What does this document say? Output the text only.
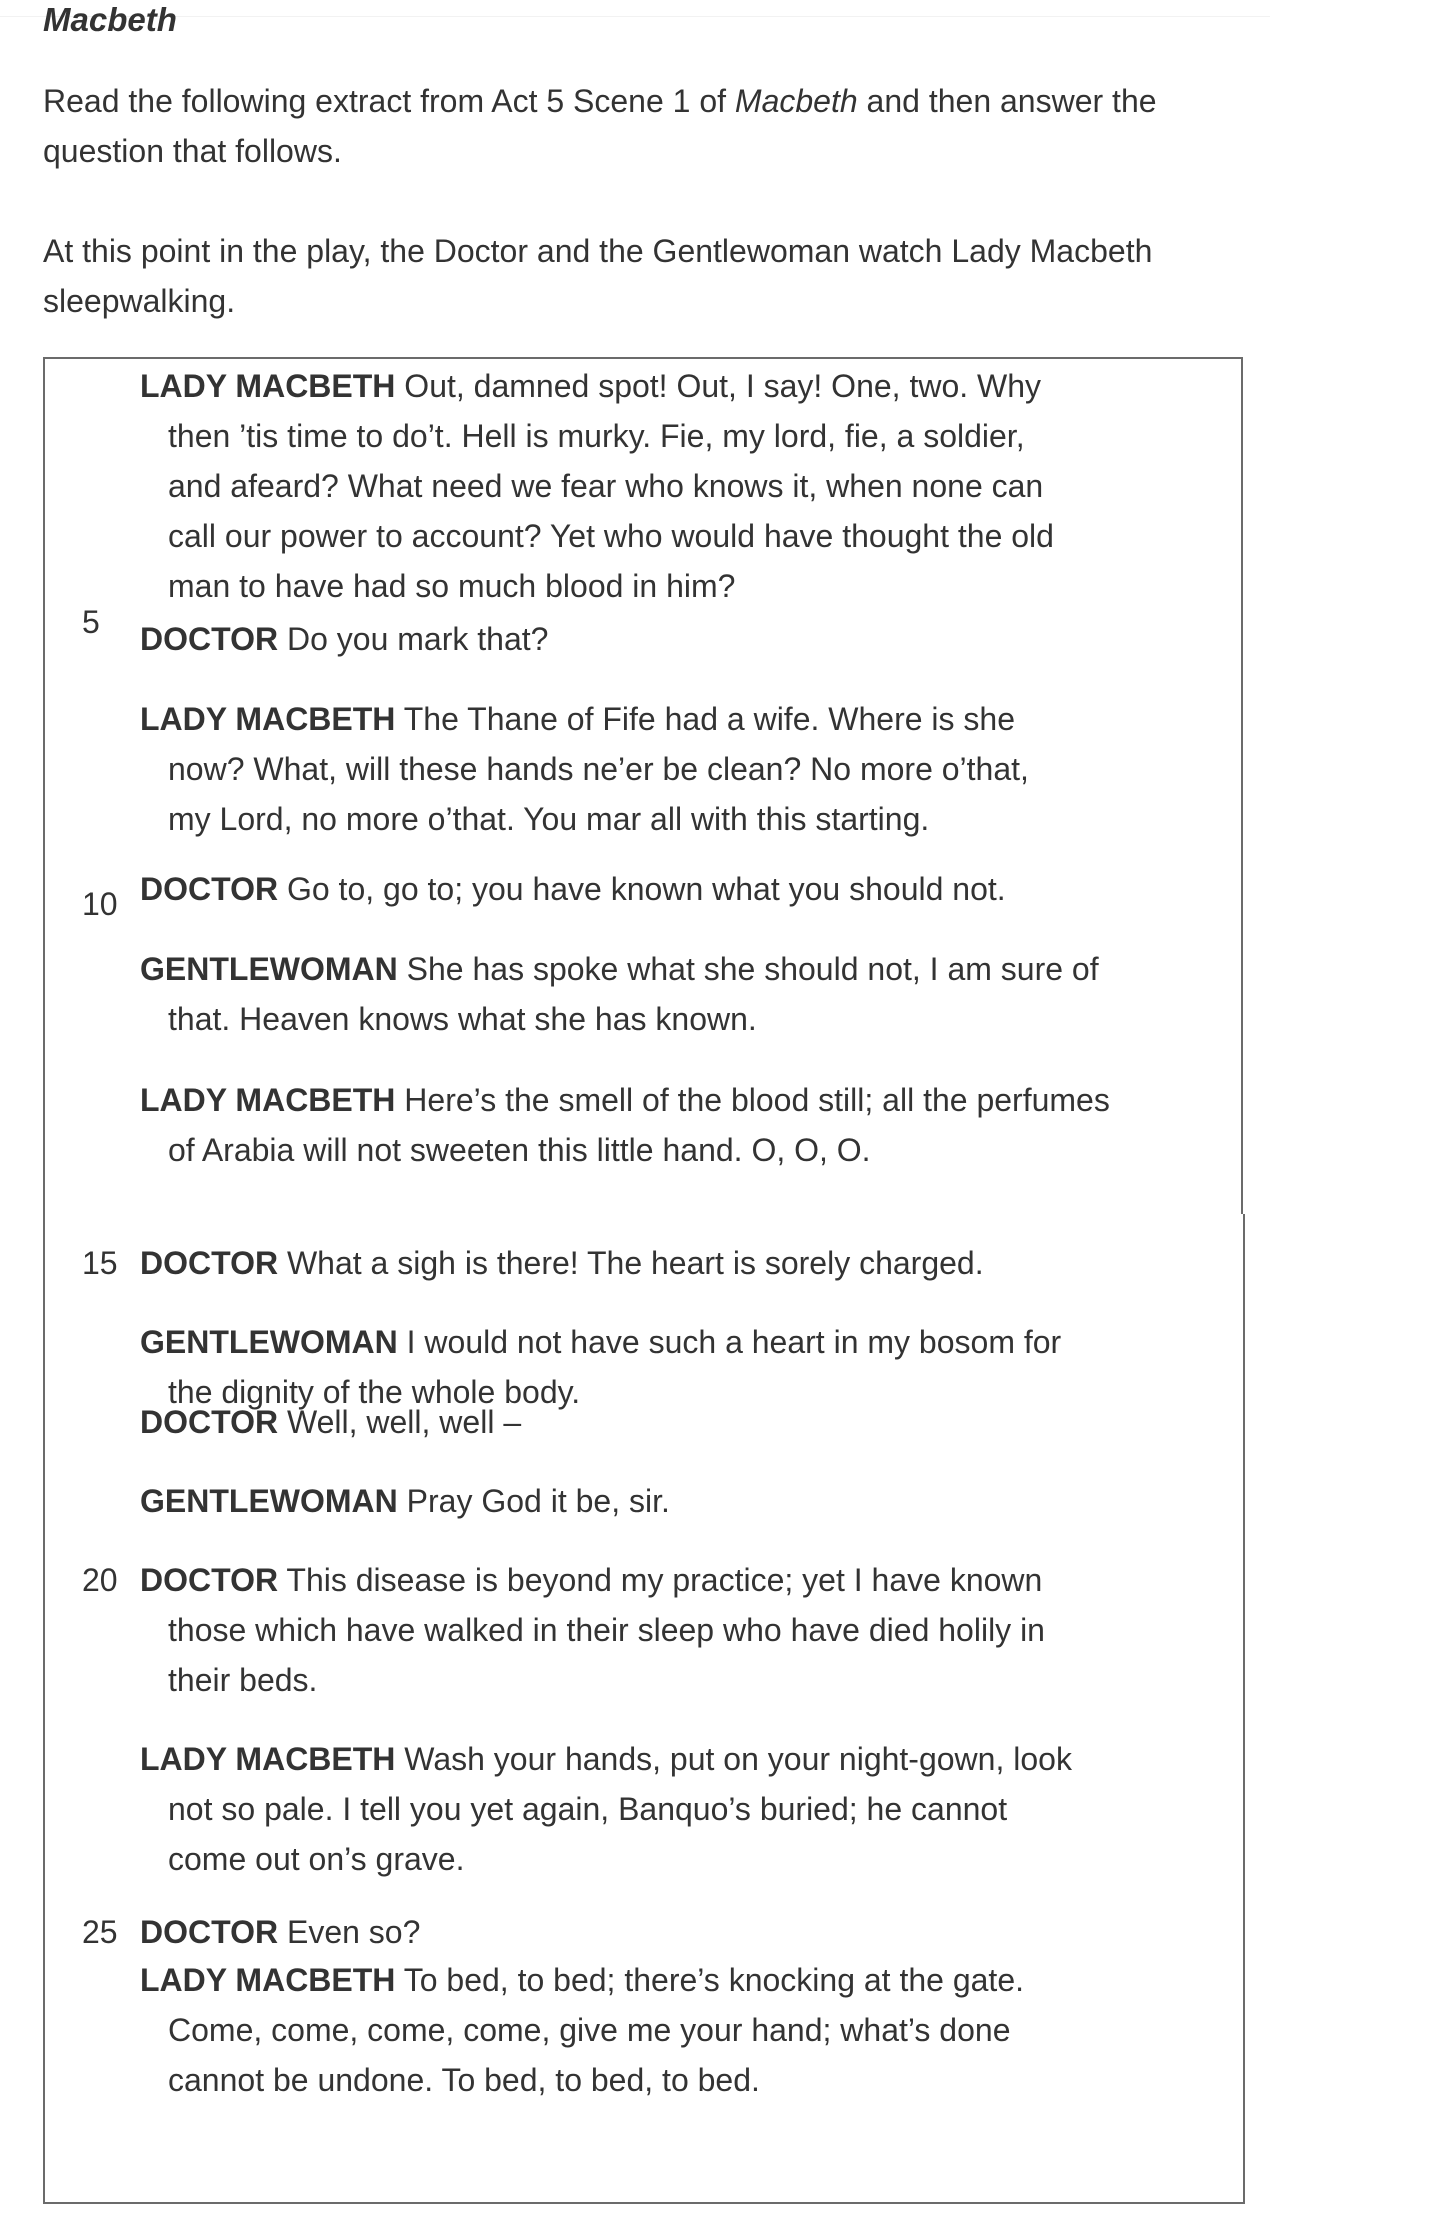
Macbeth
Read the following extract from Act 5 Scene 1 of Macbeth and then answer the question that follows.
At this point in the play, the Doctor and the Gentlewoman watch Lady Macbeth sleepwalking.
LADY MACBETH Out, damned spot! Out, I say! One, two. Why
then ’tis time to do’t. Hell is murky. Fie, my lord, fie, a soldier,
and afeard? What need we fear who knows it, when none can
call our power to account? Yet who would have thought the old
man to have had so much blood in him?
DOCTOR Do you mark that?
LADY MACBETH The Thane of Fife had a wife. Where is she
now? What, will these hands ne’er be clean? No more o’that,
my Lord, no more o’that. You mar all with this starting.
DOCTOR Go to, go to; you have known what you should not.
GENTLEWOMAN She has spoke what she should not, I am sure of
that. Heaven knows what she has known.
LADY MACBETH Here’s the smell of the blood still; all the perfumes
of Arabia will not sweeten this little hand. O, O, O.
DOCTOR What a sigh is there! The heart is sorely charged.
GENTLEWOMAN I would not have such a heart in my bosom for
the dignity of the whole body.
DOCTOR Well, well, well –
GENTLEWOMAN Pray God it be, sir.
DOCTOR This disease is beyond my practice; yet I have known
those which have walked in their sleep who have died holily in
their beds.
LADY MACBETH Wash your hands, put on your night-gown, look
not so pale. I tell you yet again, Banquo’s buried; he cannot
come out on’s grave.
DOCTOR Even so?
LADY MACBETH To bed, to bed; there’s knocking at the gate.
Come, come, come, come, give me your hand; what’s done
cannot be undone. To bed, to bed, to bed.
5
10
15
20
25
